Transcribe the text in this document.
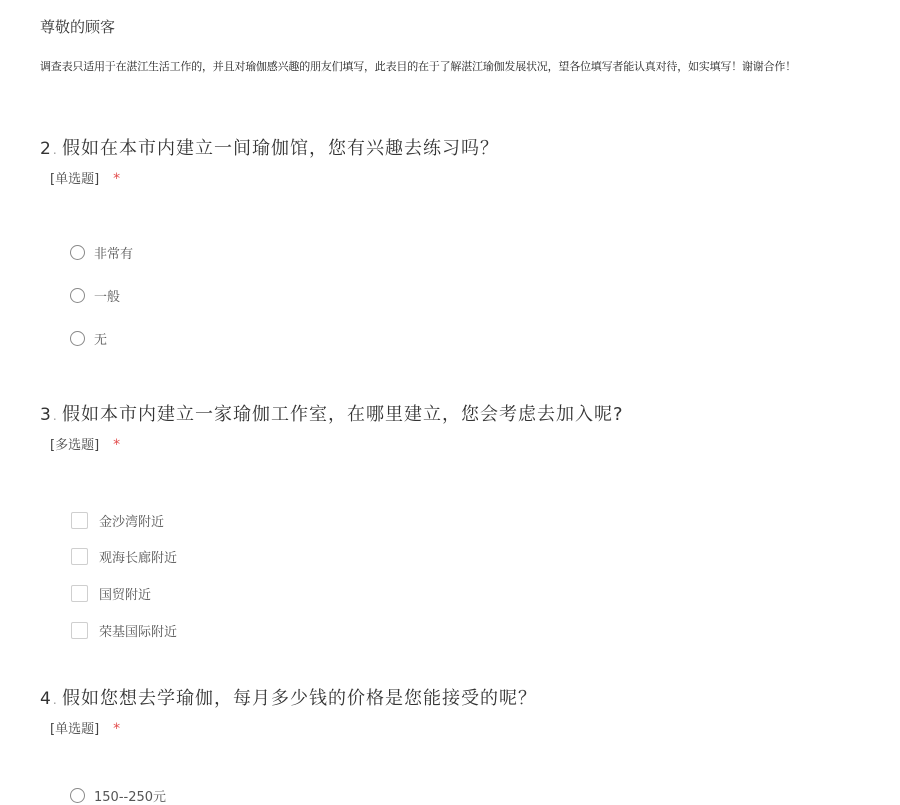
尊敬的顾客
调查表只适用于在湛江生活工作的，并且对瑜伽感兴趣的朋友们填写，此表目的在于了解湛江瑜伽发展状况，望各位填写者能认真对待，如实填写！谢谢合作！
2. 假如在本市内建立一间瑜伽馆，您有兴趣去练习吗？
[单选题] *
非常有
一般
无
3. 假如本市内建立一家瑜伽工作室，在哪里建立，您会考虑去加入呢?
[多选题] *
金沙湾附近
观海长廊附近
国贸附近
荣基国际附近
4. 假如您想去学瑜伽，每月多少钱的价格是您能接受的呢？
[单选题] *
150--250元
